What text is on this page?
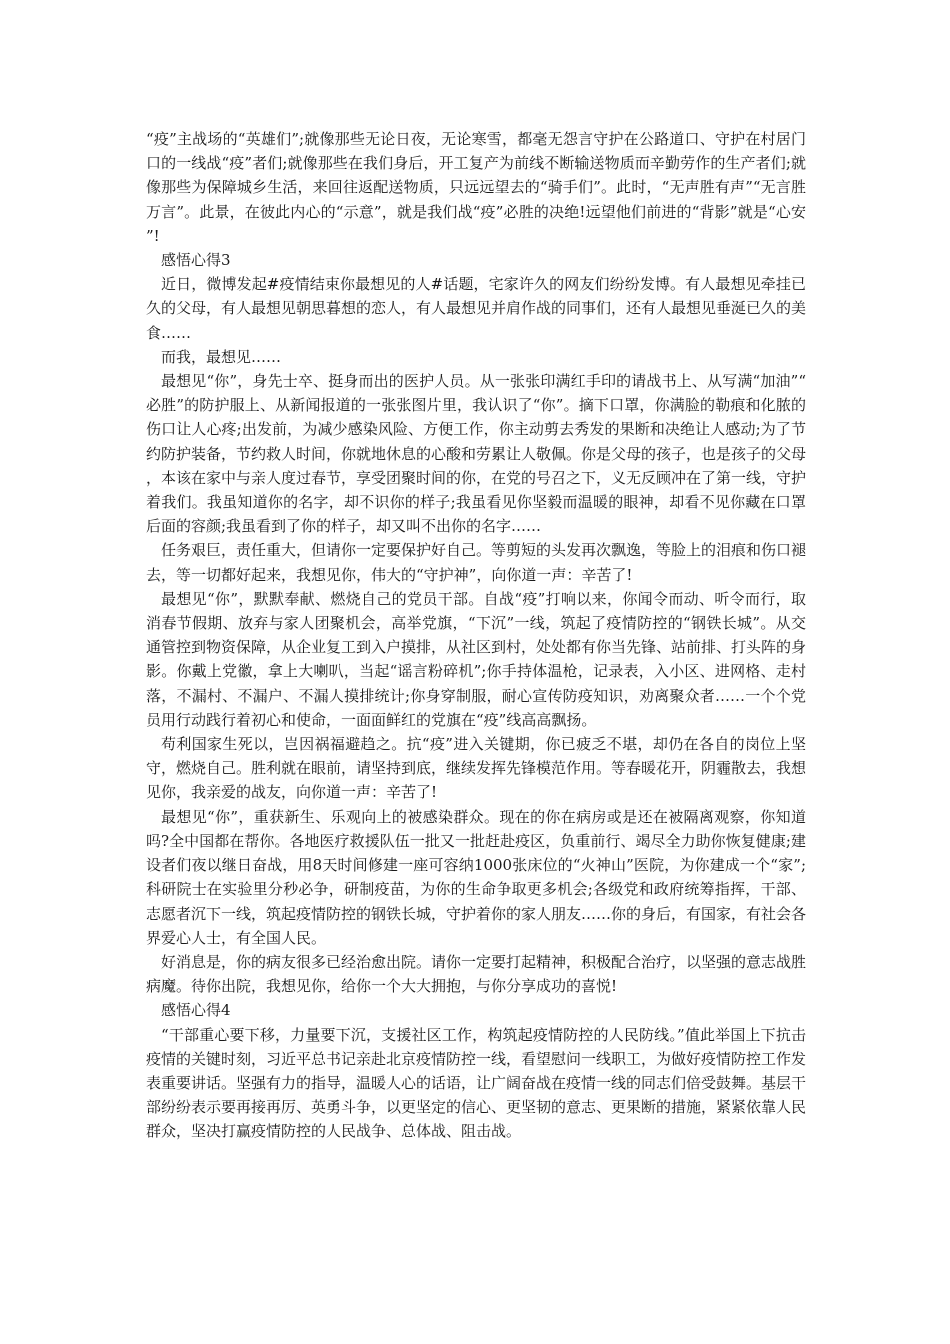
“疫”主战场的“英雄们”;就像那些无论日夜，无论寒雪，都毫无怨言守护在公路道口、守护在村居门口的一线战“疫”者们;就像那些在我们身后，开工复产为前线不断输送物质而辛勤劳作的生产者们;就像那些为保障城乡生活，来回往返配送物质，只远远望去的“骑手们”。此时，“无声胜有声”“无言胜万言”。此景，在彼此内心的“示意”，就是我们战“疫”必胜的决绝!远望他们前进的“背影”就是“心安”!

感悟心得3

近日，微博发起#疫情结束你最想见的人#话题，宅家许久的网友们纷纷发博。有人最想见牵挂已久的父母，有人最想见朝思暮想的恋人，有人最想见并肩作战的同事们，还有人最想见垂涎已久的美食……

而我，最想见……

最想见“你”，身先士卒、挺身而出的医护人员。从一张张印满红手印的请战书上、从写满“加油”“必胜”的防护服上、从新闻报道的一张张图片里，我认识了“你”。摘下口罩，你满脸的勒痕和化脓的伤口让人心疼;出发前，为减少感染风险、方便工作，你主动剪去秀发的果断和决绝让人感动;为了节约防护装备，节约救人时间，你就地休息的心酸和劳累让人敬佩。你是父母的孩子，也是孩子的父母，本该在家中与亲人度过春节，享受团聚时间的你，在党的号召之下，义无反顾冲在了第一线，守护着我们。我虽知道你的名字，却不识你的样子;我虽看见你坚毅而温暖的眼神，却看不见你藏在口罩后面的容颜;我虽看到了你的样子，却又叫不出你的名字……

任务艰巨，责任重大，但请你一定要保护好自己。等剪短的头发再次飘逸，等脸上的泪痕和伤口褪去，等一切都好起来，我想见你，伟大的“守护神”，向你道一声：辛苦了!

最想见“你”，默默奉献、燃烧自己的党员干部。自战“疫”打响以来，你闻令而动、听令而行，取消春节假期、放弃与家人团聚机会，高举党旗，“下沉”一线，筑起了疫情防控的“钢铁长城”。从交通管控到物资保障，从企业复工到入户摸排，从社区到村，处处都有你当先锋、站前排、打头阵的身影。你戴上党徽，拿上大喇叭，当起“谣言粉碎机”;你手持体温枪，记录表，入小区、进网格、走村落，不漏村、不漏户、不漏人摸排统计;你身穿制服，耐心宣传防疫知识，劝离聚众者……一个个党员用行动践行着初心和使命，一面面鲜红的党旗在“疫”线高高飘扬。

苟利国家生死以，岂因祸福避趋之。抗“疫”进入关键期，你已疲乏不堪，却仍在各自的岗位上坚守，燃烧自己。胜利就在眼前，请坚持到底，继续发挥先锋模范作用。等春暖花开，阴霾散去，我想见你，我亲爱的战友，向你道一声：辛苦了!

最想见“你”，重获新生、乐观向上的被感染群众。现在的你在病房或是还在被隔离观察，你知道吗?全中国都在帮你。各地医疗救援队伍一批又一批赶赴疫区，负重前行、竭尽全力助你恢复健康;建设者们夜以继日奋战，用8天时间修建一座可容纳1000张床位的“火神山”医院，为你建成一个“家”;科研院士在实验里分秒必争，研制疫苗，为你的生命争取更多机会;各级党和政府统筹指挥，干部、志愿者沉下一线，筑起疫情防控的钢铁长城，守护着你的家人朋友……你的身后，有国家，有社会各界爱心人士，有全国人民。

好消息是，你的病友很多已经治愈出院。请你一定要打起精神，积极配合治疗，以坚强的意志战胜病魔。待你出院，我想见你，给你一个大大拥抱，与你分享成功的喜悦!

感悟心得4

“干部重心要下移，力量要下沉，支援社区工作，构筑起疫情防控的人民防线。”值此举国上下抗击疫情的关键时刻，习近平总书记亲赴北京疫情防控一线，看望慰问一线职工，为做好疫情防控工作发表重要讲话。坚强有力的指导，温暖人心的话语，让广阔奋战在疫情一线的同志们倍受鼓舞。基层干部纷纷表示要再接再厉、英勇斗争，以更坚定的信心、更坚韧的意志、更果断的措施，紧紧依靠人民群众，坚决打赢疫情防控的人民战争、总体战、阻击战。
